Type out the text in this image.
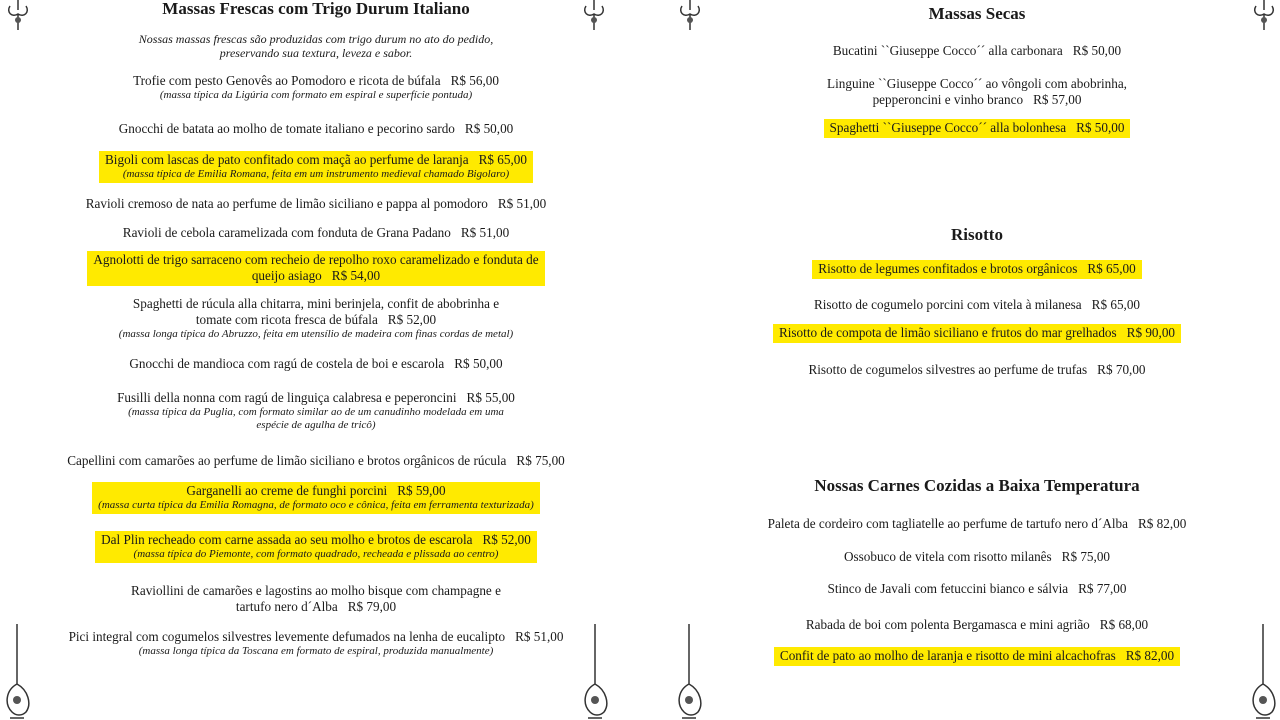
Massas Frescas com Trigo Durum Italiano
Nossas massas frescas são produzidas com trigo durum no ato do pedido,
preservando sua textura, leveza e sabor.
Trofie com pesto Genovês ao Pomodoro e ricota de búfala R$ 56,00
(massa típica da Ligúria com formato em espiral e superfície pontuda)
Gnocchi de batata ao molho de tomate italiano e pecorino sardo R$ 50,00
Bigoli com lascas de pato confitado com maçã ao perfume de laranja R$ 65,00
(massa típica de Emilia Romana, feita em um instrumento medieval chamado Bigolaro)
Ravioli cremoso de nata ao perfume de limão siciliano e pappa al pomodoro R$ 51,00
Ravioli de cebola caramelizada com fonduta de Grana Padano R$ 51,00
Agnolotti de trigo sarraceno com recheio de repolho roxo caramelizado e fonduta de
queijo asiago R$ 54,00
Spaghetti de rúcula alla chitarra, mini berinjela, confit de abobrinha e
tomate com ricota fresca de búfala R$ 52,00
(massa longa típica do Abruzzo, feita em utensílio de madeira com finas cordas de metal)
Gnocchi de mandioca com ragú de costela de boi e escarola R$ 50,00
Fusilli della nonna com ragú de linguiça calabresa e peperoncini R$ 55,00
(massa típica da Puglia, com formato similar ao de um canudinho modelada em uma
espécie de agulha de tricô)
Capellini com camarões ao perfume de limão siciliano e brotos orgânicos de rúcula R$ 75,00
Garganelli ao creme de funghi porcini R$ 59,00
(massa curta típica da Emilia Romagna, de formato oco e cônica, feita em ferramenta texturizada)
Dal Plin recheado com carne assada ao seu molho e brotos de escarola R$ 52,00
(massa típica do Piemonte, com formato quadrado, recheada e plissada ao centro)
Raviollini de camarões e lagostins ao molho bisque com champagne e
tartufo nero d´Alba R$ 79,00
Pici integral com cogumelos silvestres levemente defumados na lenha de eucalipto R$ 51,00
(massa longa típica da Toscana em formato de espiral, produzida manualmente)
Massas Secas
Bucatini ``Giuseppe Cocco´´ alla carbonara R$ 50,00
Linguine ``Giuseppe Cocco´´ ao vôngoli com abobrinha,
pepperoncini e vinho branco R$ 57,00
Spaghetti ``Giuseppe Cocco´´ alla bolonhesa R$ 50,00
Risotto
Risotto de legumes confitados e brotos orgânicos R$ 65,00
Risotto de cogumelo porcini com vitela à milanesa R$ 65,00
Risotto de compota de limão siciliano e frutos do mar grelhados R$ 90,00
Risotto de cogumelos silvestres ao perfume de trufas R$ 70,00
Nossas Carnes Cozidas a Baixa Temperatura
Paleta de cordeiro com tagliatelle ao perfume de tartufo nero d´Alba R$ 82,00
Ossobuco de vitela com risotto milanês R$ 75,00
Stinco de Javali com fetuccini bianco e sálvia R$ 77,00
Rabada de boi com polenta Bergamasca e mini agrião R$ 68,00
Confit de pato ao molho de laranja e risotto de mini alcachofras R$ 82,00
